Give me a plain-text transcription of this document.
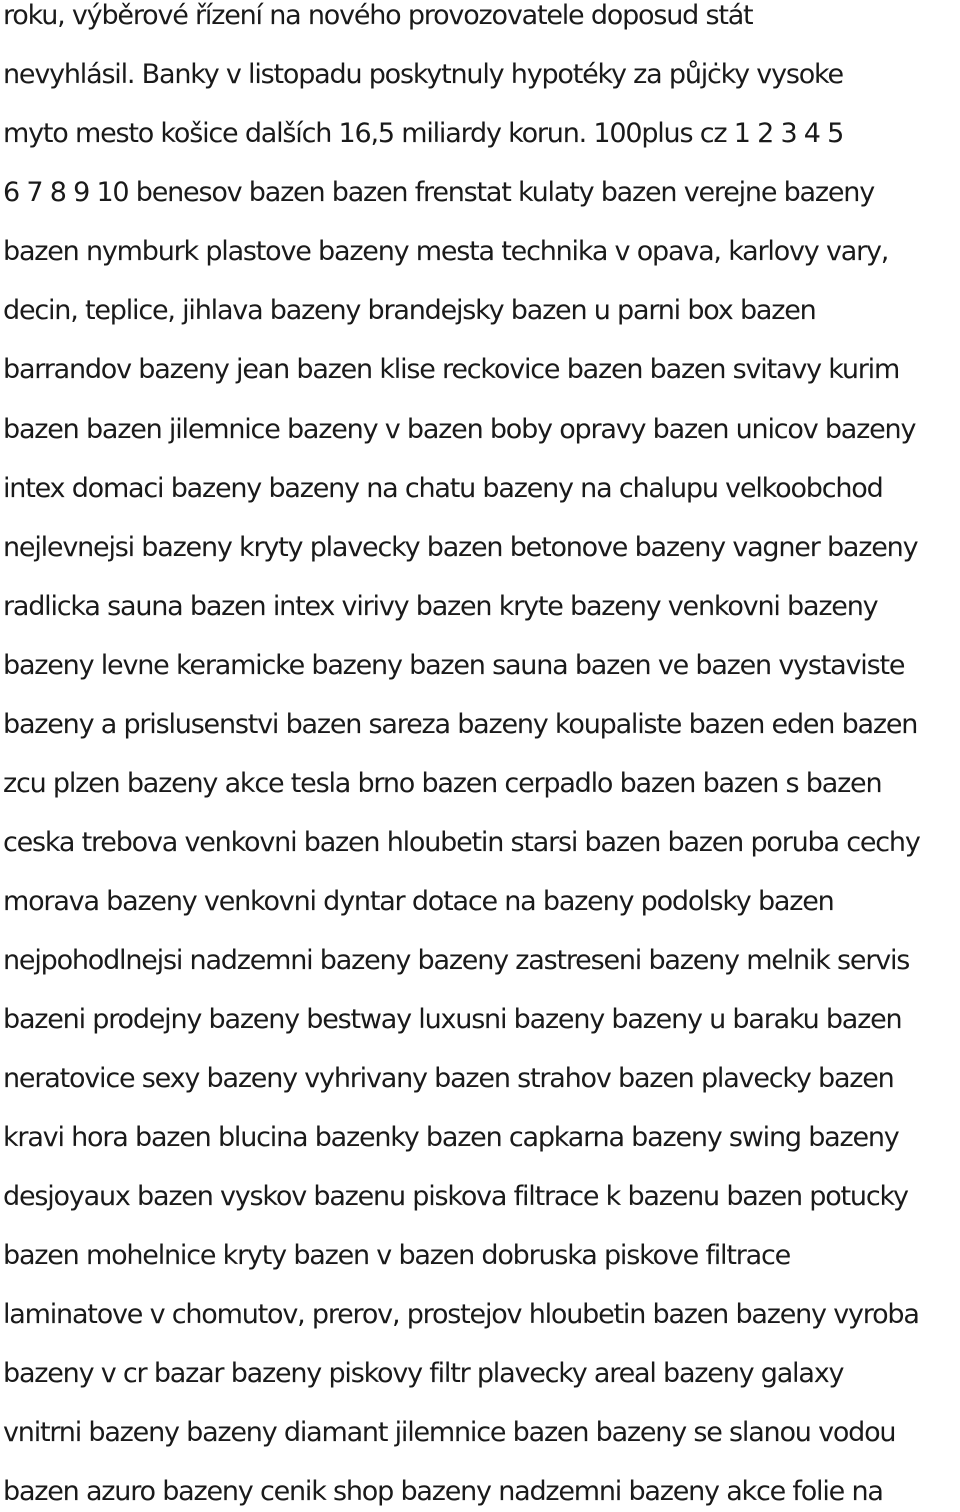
roku, výběrové řízení na nového provozovatele doposud stát
nevyhlásil. Banky v listopadu poskytnuly hypotéky za půjċky vysoke
myto mesto košice dalších 16,5 miliardy korun. 100plus cz 1 2 3 4 5
6 7 8 9 10 benesov bazen bazen frenstat kulaty bazen verejne bazeny
bazen nymburk plastove bazeny mesta technika v opava, karlovy vary,
decin, teplice, jihlava bazeny brandejsky bazen u parni box bazen
barrandov bazeny jean bazen klise reckovice bazen bazen svitavy kurim
bazen bazen jilemnice bazeny v bazen boby opravy bazen unicov bazeny
intex domaci bazeny bazeny na chatu bazeny na chalupu velkoobchod
nejlevnejsi bazeny kryty plavecky bazen betonove bazeny vagner bazeny
radlicka sauna bazen intex virivy bazen kryte bazeny venkovni bazeny
bazeny levne keramicke bazeny bazen sauna bazen ve bazen vystaviste
bazeny a prislusenstvi bazen sareza bazeny koupaliste bazen eden bazen
zcu plzen bazeny akce tesla brno bazen cerpadlo bazen bazen s bazen
ceska trebova venkovni bazen hloubetin starsi bazen bazen poruba cechy
morava bazeny venkovni dyntar dotace na bazeny podolsky bazen
nejpohodlnejsi nadzemni bazeny bazeny zastreseni bazeny melnik servis
bazeni prodejny bazeny bestway luxusni bazeny bazeny u baraku bazen
neratovice sexy bazeny vyhrivany bazen strahov bazen plavecky bazen
kravi hora bazen blucina bazenky bazen capkarna bazeny swing bazeny
desjoyaux bazen vyskov bazenu piskova filtrace k bazenu bazen potucky
bazen mohelnice kryty bazen v bazen dobruska piskove filtrace
laminatove v chomutov, prerov, prostejov hloubetin bazen bazeny vyroba
bazeny v cr bazar bazeny piskovy filtr plavecky areal bazeny galaxy
vnitrni bazeny bazeny diamant jilemnice bazen bazeny se slanou vodou
bazen azuro bazeny cenik shop bazeny nadzemni bazeny akce folie na
